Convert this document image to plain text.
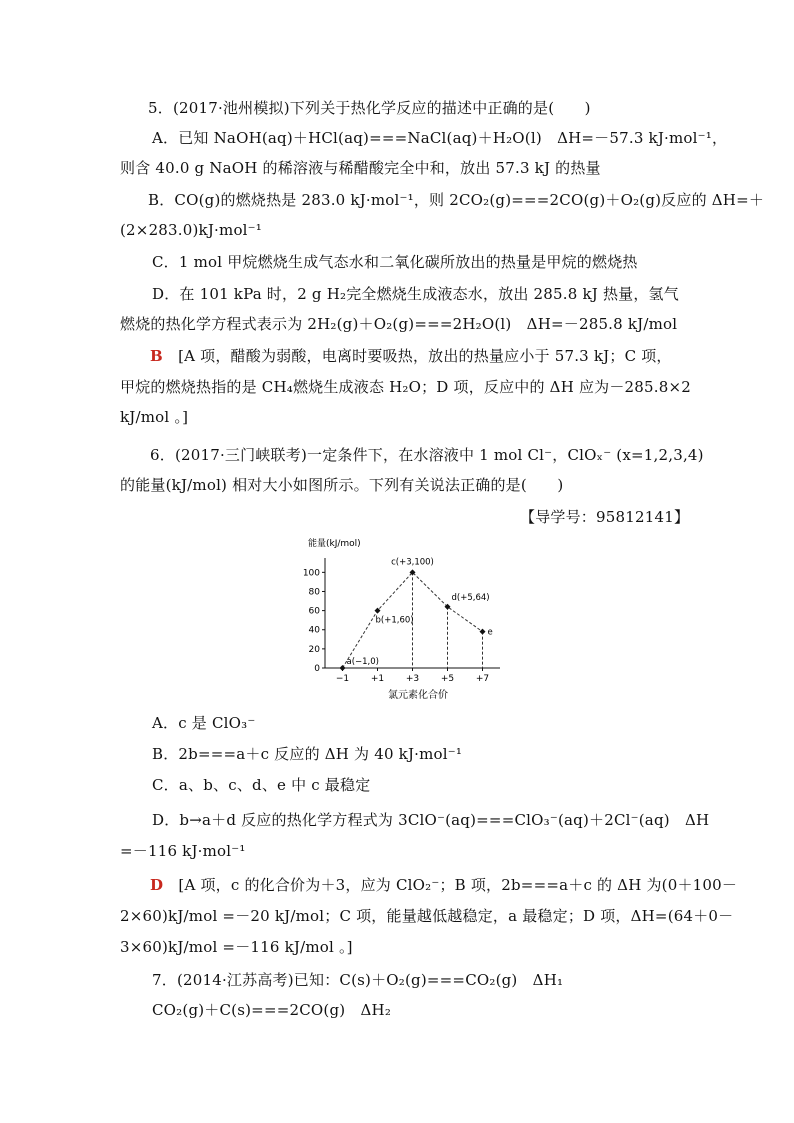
5．(2017·池州模拟)下列关于热化学反应的描述中正确的是(　　)
A．已知 NaOH(aq)＋HCl(aq)===NaCl(aq)＋H₂O(l)　ΔH=－57.3 kJ·mol⁻¹，
则含 40.0 g NaOH 的稀溶液与稀醋酸完全中和，放出 57.3 kJ 的热量
B．CO(g)的燃烧热是 283.0 kJ·mol⁻¹，则 2CO₂(g)===2CO(g)＋O₂(g)反应的 ΔH=＋
(2×283.0)kJ·mol⁻¹
C．1 mol 甲烷燃烧生成气态水和二氧化碳所放出的热量是甲烷的燃烧热
D．在 101 kPa 时，2 g H₂完全燃烧生成液态水，放出 285.8 kJ 热量，氢气
燃烧的热化学方程式表示为 2H₂(g)＋O₂(g)===2H₂O(l)　ΔH=－285.8 kJ/mol
B　 [A 项，醋酸为弱酸，电离时要吸热，放出的热量应小于 57.3 kJ；C 项，
甲烷的燃烧热指的是 CH₄燃烧生成液态 H₂O；D 项，反应中的 ΔH 应为－285.8×2
kJ/mol 。]
6．(2017·三门峡联考)一定条件下，在水溶液中 1 mol Cl⁻，ClOₓ⁻ (x=1,2,3,4)
的能量(kJ/mol) 相对大小如图所示。下列有关说法正确的是(　　)
【导学号：95812141】
能量(kJ/mol)
氯元素化合价
0
20
40
60
80
100
−1 +1 +3 +5 +7
a(−1,0)
b(+1,60)
c(+3,100)
d(+5,64)
e
A．c 是 ClO₃⁻
B．2b===a＋c 反应的 ΔH 为 40 kJ·mol⁻¹
C．a、b、c、d、e 中 c 最稳定
D．b→a＋d 反应的热化学方程式为 3ClO⁻(aq)===ClO₃⁻(aq)＋2Cl⁻(aq)　ΔH
=－116 kJ·mol⁻¹
D　 [A 项，c 的化合价为＋3，应为 ClO₂⁻；B 项，2b===a＋c 的 ΔH 为(0＋100－
2×60)kJ/mol =－20 kJ/mol；C 项，能量越低越稳定，a 最稳定；D 项，ΔH=(64＋0－
3×60)kJ/mol =－116 kJ/mol 。]
7．(2014·江苏高考)已知：C(s)＋O₂(g)===CO₂(g)　ΔH₁
CO₂(g)＋C(s)===2CO(g)　ΔH₂
